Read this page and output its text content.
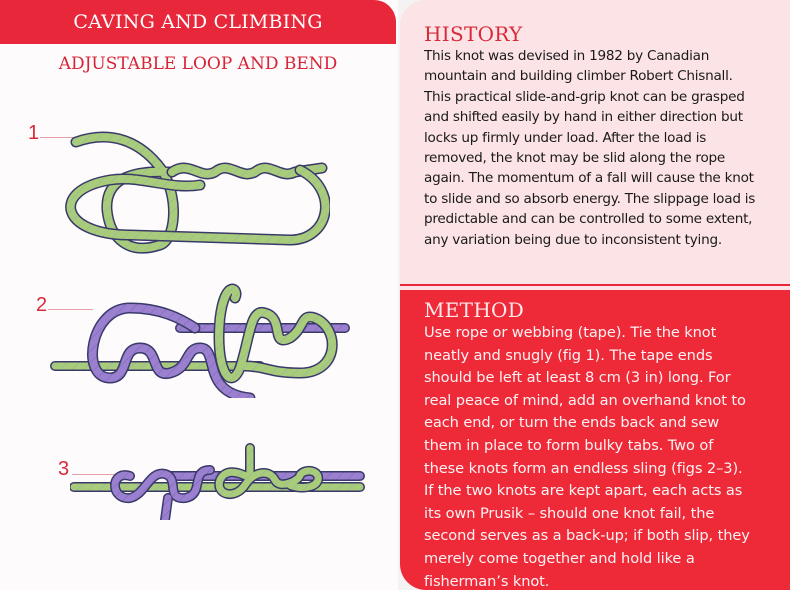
CAVING AND CLIMBING
ADJUSTABLE LOOP AND BEND
1
2
3
HISTORY
This knot was devised in 1982 by Canadian
mountain and building climber Robert Chisnall.
This practical slide-and-grip knot can be grasped
and shifted easily by hand in either direction but
locks up firmly under load. After the load is
removed, the knot may be slid along the rope
again. The momentum of a fall will cause the knot
to slide and so absorb energy. The slippage load is
predictable and can be controlled to some extent,
any variation being due to inconsistent tying.
METHOD
Use rope or webbing (tape). Tie the knot
neatly and snugly (fig 1). The tape ends
should be left at least 8 cm (3 in) long. For
real peace of mind, add an overhand knot to
each end, or turn the ends back and sew
them in place to form bulky tabs. Two of
these knots form an endless sling (figs 2–3).
If the two knots are kept apart, each acts as
its own Prusik – should one knot fail, the
second serves as a back-up; if both slip, they
merely come together and hold like a
fisherman’s knot.
